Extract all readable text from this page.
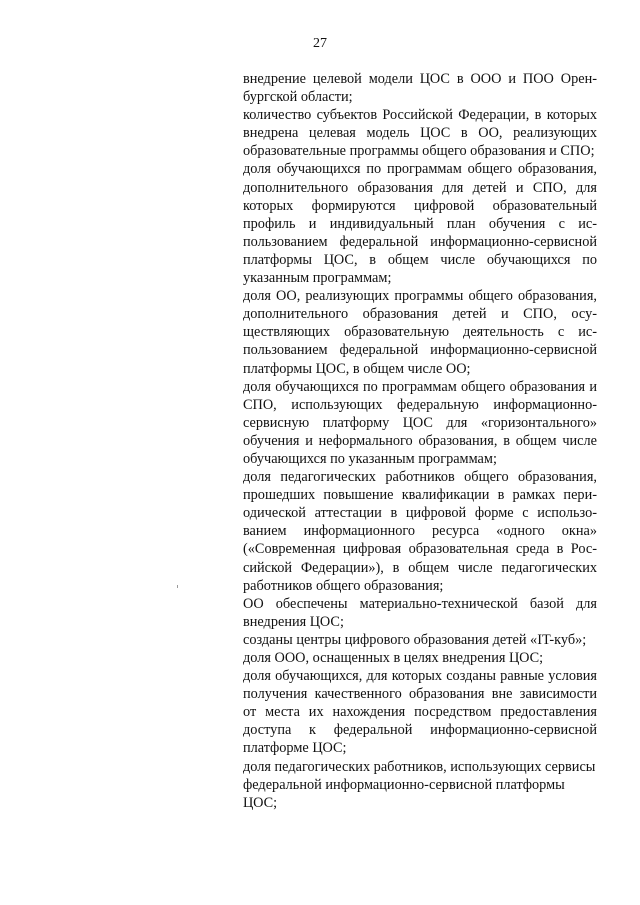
27

внедрение целевой модели ЦОС в ООО и ПОО Оренбургской области;

количество субъектов Российской Федерации, в которых внедрена целевая модель ЦОС в ОО, реализующих образовательные программы общего образования и СПО;

доля обучающихся по программам общего образования, дополнительного образования для детей и СПО, для которых формируются цифровой образовательный профиль и индивидуальный план обучения с использованием федеральной информационно-сервисной платформы ЦОС, в общем числе обучающихся по указанным программам;

доля ОО, реализующих программы общего образования, дополнительного образования детей и СПО, осуществляющих образовательную деятельность с использованием федеральной информационно-сервисной платформы ЦОС, в общем числе ОО;

доля обучающихся по программам общего образования и СПО, использующих федеральную информационно-сервисную платформу ЦОС для «горизонтального» обучения и неформального образования, в общем числе обучающихся по указанным программам;

доля педагогических работников общего образования, прошедших повышение квалификации в рамках периодической аттестации в цифровой форме с использованием информационного ресурса «одного окна» («Современная цифровая образовательная среда в Российской Федерации»), в общем числе педагогических работников общего образования;

ОО обеспечены материально-технической базой для внедрения ЦОС;

созданы центры цифрового образования детей «IT-куб»;

доля ООО, оснащенных в целях внедрения ЦОС;

доля обучающихся, для которых созданы равные условия получения качественного образования вне зависимости от места их нахождения посредством предоставления доступа к федеральной информационно-сервисной платформе ЦОС;

доля педагогических работников, использующих сервисы федеральной информационно-сервисной платформы ЦОС;
